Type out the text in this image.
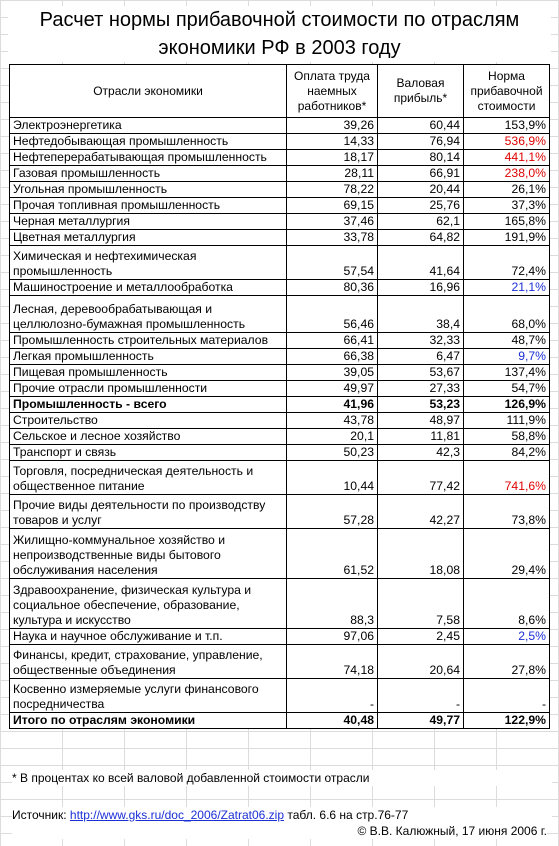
Расчет нормы прибавочной стоимости по отраслям
экономики РФ в 2003 году
Отрасли экономики	Оплата труда наемных работников*	Валовая прибыль*	Норма прибавочной стоимости
Электроэнергетика	39,26	60,44	153,9%
Нефтедобывающая промышленность	14,33	76,94	536,9%
Нефтеперерабатывающая промышленность	18,17	80,14	441,1%
Газовая промышленность	28,11	66,91	238,0%
Угольная промышленность	78,22	20,44	26,1%
Прочая топливная промышленность	69,15	25,76	37,3%
Черная металлургия	37,46	62,1	165,8%
Цветная металлургия	33,78	64,82	191,9%
Химическая и нефтехимическая промышленность	57,54	41,64	72,4%
Машиностроение и металлообработка	80,36	16,96	21,1%
Лесная, деревообрабатывающая и целлюлозно-бумажная промышленность	56,46	38,4	68,0%
Промышленность строительных материалов	66,41	32,33	48,7%
Легкая промышленность	66,38	6,47	9,7%
Пищевая промышленность	39,05	53,67	137,4%
Прочие отрасли промышленности	49,97	27,33	54,7%
Промышленность - всего	41,96	53,23	126,9%
Строительство	43,78	48,97	111,9%
Сельское и лесное хозяйство	20,1	11,81	58,8%
Транспорт и связь	50,23	42,3	84,2%
Торговля, посредническая деятельность и общественное питание	10,44	77,42	741,6%
Прочие виды деятельности по производству товаров и услуг	57,28	42,27	73,8%
Жилищно-коммунальное хозяйство и непроизводственные виды бытового обслуживания населения	61,52	18,08	29,4%
Здравоохранение, физическая культура и социальное обеспечение, образование, культура и искусство	88,3	7,58	8,6%
Наука и научное обслуживание и т.п.	97,06	2,45	2,5%
Финансы, кредит, страхование, управление, общественные объединения	74,18	20,64	27,8%
Косвенно измеряемые услуги финансового посредничества	-	-	-
Итого по отраслям экономики	40,48	49,77	122,9%
* В процентах ко всей валовой добавленной стоимости отрасли
Источник: http://www.gks.ru/doc_2006/Zatrat06.zip табл. 6.6 на стр.76-77
© В.В. Калюжный, 17 июня 2006 г.
